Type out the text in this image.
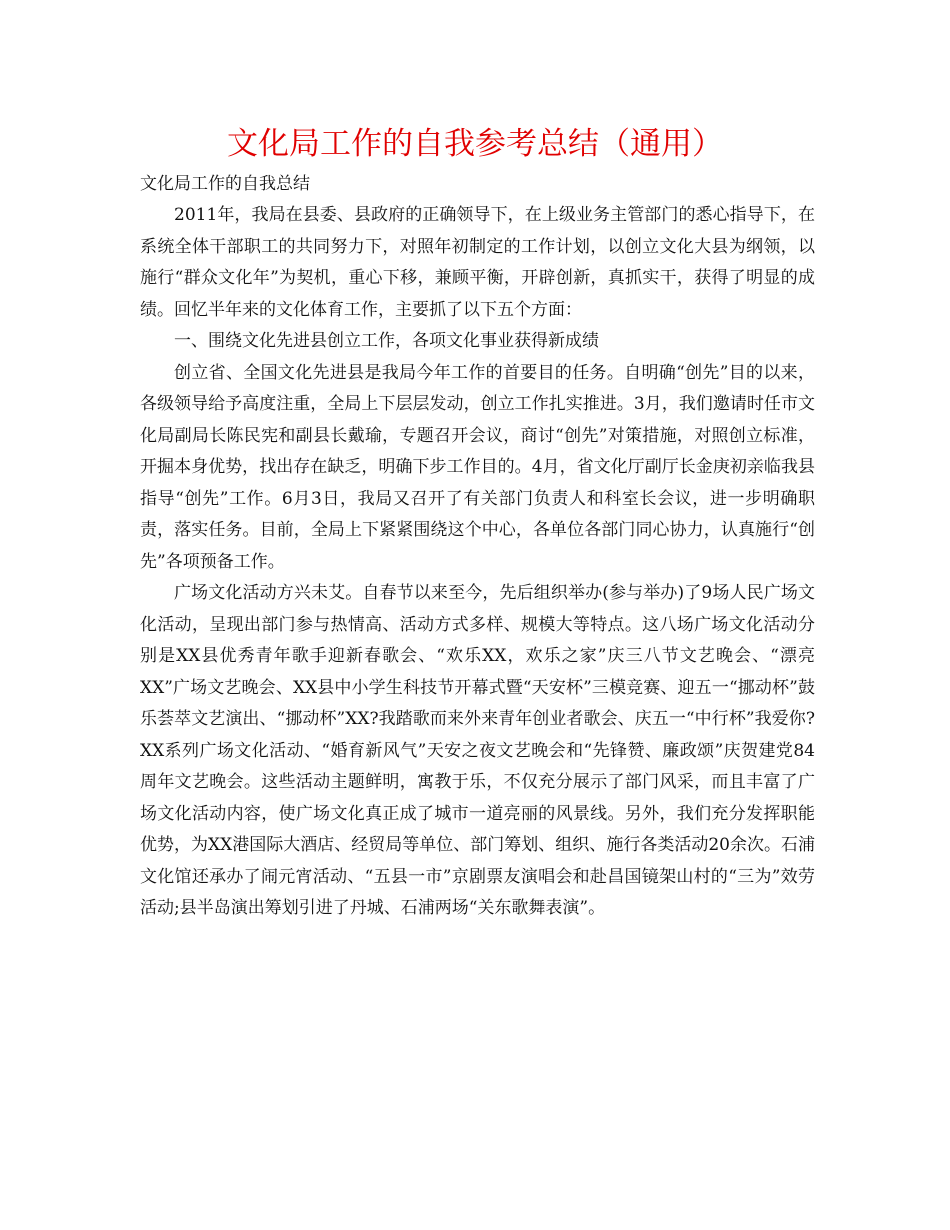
文化局工作的自我参考总结（通用）
文化局工作的自我总结

2011年，我局在县委、县政府的正确领导下，在上级业务主管部门的悉心指导下，在系统全体干部职工的共同努力下，对照年初制定的工作计划，以创立文化大县为纲领，以施行“群众文化年”为契机，重心下移，兼顾平衡，开辟创新，真抓实干，获得了明显的成绩。回忆半年来的文化体育工作，主要抓了以下五个方面：

一、围绕文化先进县创立工作，各项文化事业获得新成绩

创立省、全国文化先进县是我局今年工作的首要目的任务。自明确“创先”目的以来，各级领导给予高度注重，全局上下层层发动，创立工作扎实推进。3月，我们邀请时任市文化局副局长陈民宪和副县长戴瑜，专题召开会议，商讨“创先”对策措施，对照创立标准，开掘本身优势，找出存在缺乏，明确下步工作目的。4月，省文化厅副厅长金庚初亲临我县指导“创先”工作。6月3日，我局又召开了有关部门负责人和科室长会议，进一步明确职责，落实任务。目前，全局上下紧紧围绕这个中心，各单位各部门同心协力，认真施行“创先”各项预备工作。

广场文化活动方兴未艾。自春节以来至今，先后组织举办(参与举办)了9场人民广场文化活动，呈现出部门参与热情高、活动方式多样、规模大等特点。这八场广场文化活动分别是XX县优秀青年歌手迎新春歌会、“欢乐XX，欢乐之家”庆三八节文艺晚会、“漂亮XX”广场文艺晚会、XX县中小学生科技节开幕式暨“天安杯”三模竞赛、迎五一“挪动杯”鼓乐荟萃文艺演出、“挪动杯”XX?我踏歌而来外来青年创业者歌会、庆五一“中行杯”我爱你?XX系列广场文化活动、“婚育新风气”天安之夜文艺晚会和“先锋赞、廉政颂”庆贺建党84周年文艺晚会。这些活动主题鲜明，寓教于乐，不仅充分展示了部门风采，而且丰富了广场文化活动内容，使广场文化真正成了城市一道亮丽的风景线。另外，我们充分发挥职能优势，为XX港国际大酒店、经贸局等单位、部门筹划、组织、施行各类活动20余次。石浦文化馆还承办了闹元宵活动、“五县一市”京剧票友演唱会和赴昌国镜架山村的“三为”效劳活动;县半岛演出筹划引进了丹城、石浦两场“关东歌舞表演”。
